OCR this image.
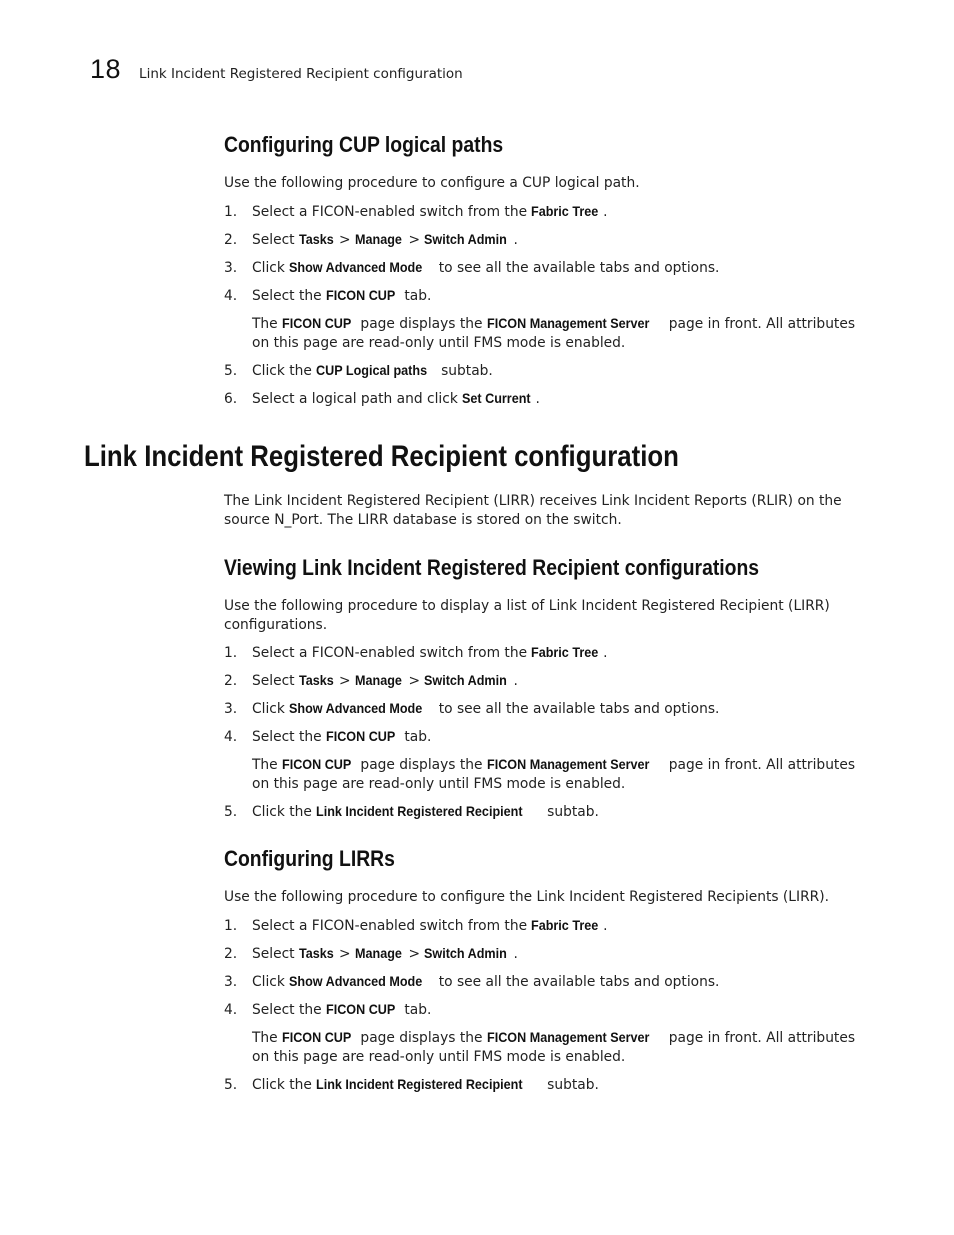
18 Link Incident Registered Recipient configuration
Configuring CUP logical paths

Use the following procedure to configure a CUP logical path.

1. Select a FICON-enabled switch from the Fabric Tree .
2. Select Tasks > Manage > Switch Admin .
3. Click Show Advanced Mode to see all the available tabs and options.
4. Select the FICON CUP tab.
The FICON CUP page displays the FICON Management Server page in front. All attributes on this page are read-only until FMS mode is enabled.
5. Click the CUP Logical paths subtab.
6. Select a logical path and click Set Current .
Link Incident Registered Recipient configuration

The Link Incident Registered Recipient (LIRR) receives Link Incident Reports (RLIR) on the source N_Port. The LIRR database is stored on the switch.

Viewing Link Incident Registered Recipient configurations

Use the following procedure to display a list of Link Incident Registered Recipient (LIRR) configurations.

1. Select a FICON-enabled switch from the Fabric Tree .
2. Select Tasks > Manage > Switch Admin .
3. Click Show Advanced Mode to see all the available tabs and options.
4. Select the FICON CUP tab.
The FICON CUP page displays the FICON Management Server page in front. All attributes on this page are read-only until FMS mode is enabled.
5. Click the Link Incident Registered Recipient subtab.
Configuring LIRRs

Use the following procedure to configure the Link Incident Registered Recipients (LIRR).

1. Select a FICON-enabled switch from the Fabric Tree .
2. Select Tasks > Manage > Switch Admin .
3. Click Show Advanced Mode to see all the available tabs and options.
4. Select the FICON CUP tab.
The FICON CUP page displays the FICON Management Server page in front. All attributes on this page are read-only until FMS mode is enabled.
5. Click the Link Incident Registered Recipient subtab.
